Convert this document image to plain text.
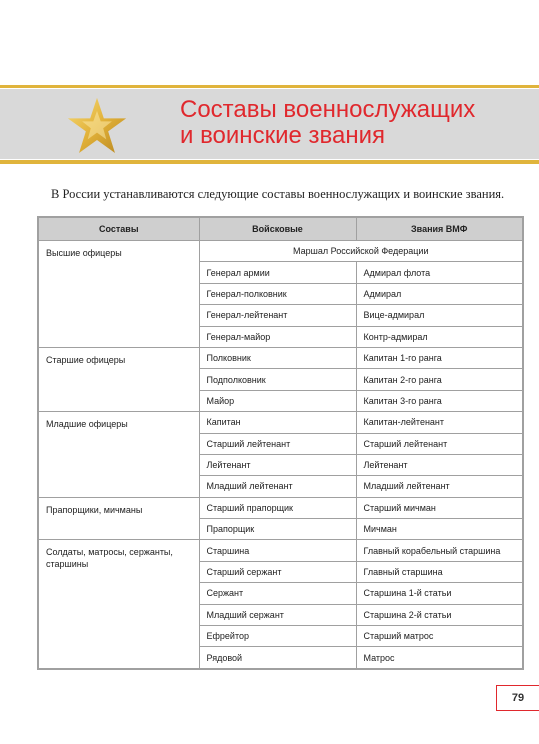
Составы военнослужащих
и воинские звания
В России устанавливаются следующие составы военнослужащих и воинские звания.
Составы	Войсковые	Звания ВМФ
Высшие офицеры	Маршал Российской Федерации	
	Генерал армии	Адмирал флота
	Генерал-полковник	Адмирал
	Генерал-лейтенант	Вице-адмирал
	Генерал-майор	Контр-адмирал
Старшие офицеры	Полковник	Капитан 1-го ранга
	Подполковник	Капитан 2-го ранга
	Майор	Капитан 3-го ранга
Младшие офицеры	Капитан	Капитан-лейтенант
	Старший лейтенант	Старший лейтенант
	Лейтенант	Лейтенант
	Младший лейтенант	Младший лейтенант
Прапорщики, мичманы	Старший прапорщик	Старший мичман
	Прапорщик	Мичман
Солдаты, матросы, сержанты, старшины	Старшина	Главный корабельный старшина
	Старший сержант	Главный старшина
	Сержант	Старшина 1-й статьи
	Младший сержант	Старшина 2-й статьи
	Ефрейтор	Старший матрос
	Рядовой	Матрос
79
